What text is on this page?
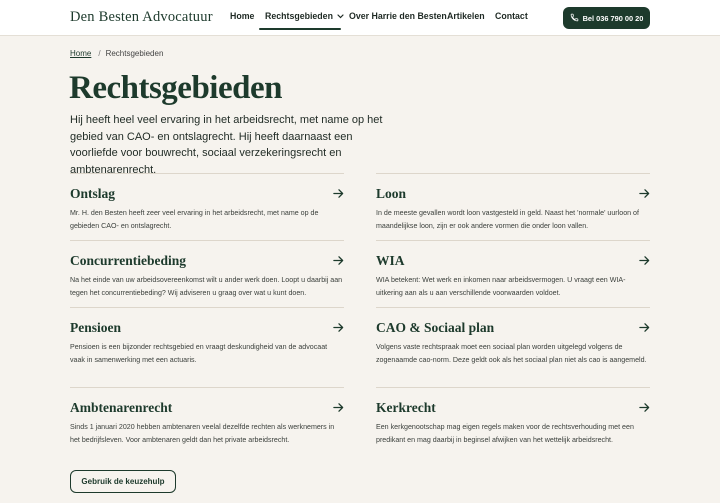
Den Besten Advocatuur Home Rechtsgebieden	Over Harrie den Besten Artikelen Contact	Bel 036 790 00 20
Home / Rechtsgebieden
Rechtsgebieden

Hij heeft heel veel ervaring in het arbeidsrecht, met name op het gebied van CAO- en ontslagrecht. Hij heeft daarnaast een voorliefde voor bouwrecht, sociaal verzekeringsrecht en ambtenarenrecht.

Ontslag
Mr. H. den Besten heeft zeer veel ervaring in het arbeidsrecht, met name op de gebieden CAO- en ontslagrecht.
Loon
In de meeste gevallen wordt loon vastgesteld in geld. Naast het 'normale' uurloon of maandelijkse loon, zijn er ook andere vormen die onder loon vallen.
Concurrentiebeding
Na het einde van uw arbeidsovereenkomst wilt u ander werk doen. Loopt u daarbij aan tegen het concurrentiebeding? Wij adviseren u graag over wat u kunt doen.
WIA
WIA betekent: Wet werk en inkomen naar arbeidsvermogen. U vraagt een WIA-uitkering aan als u aan verschillende voorwaarden voldoet.
Pensioen
Pensioen is een bijzonder rechtsgebied en vraagt deskundigheid van de advocaat vaak in samenwerking met een actuaris.
CAO & Sociaal plan
Volgens vaste rechtspraak moet een sociaal plan worden uitgelegd volgens de zogenaamde cao-norm. Deze geldt ook als het sociaal plan niet als cao is aangemeld.
Ambtenarenrecht
Sinds 1 januari 2020 hebben ambtenaren veelal dezelfde rechten als werknemers in het bedrijfsleven. Voor ambtenaren geldt dan het private arbeidsrecht.
Kerkrecht
Een kerkgenootschap mag eigen regels maken voor de rechtsverhouding met een predikant en mag daarbij in beginsel afwijken van het wettelijk arbeidsrecht.
Gebruik de keuzehulp
